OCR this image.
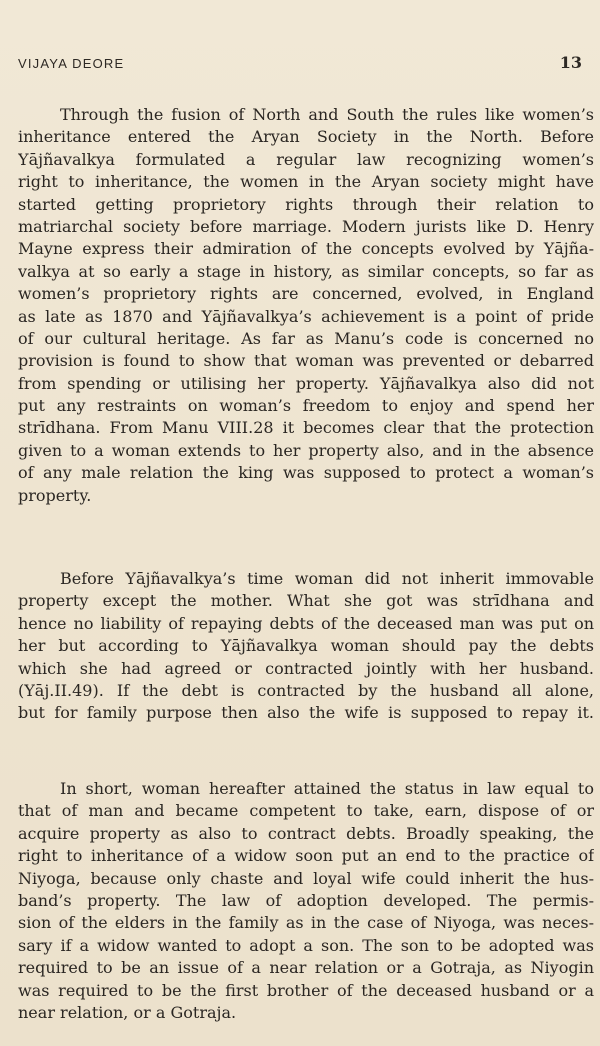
VIJAYA DEORE	13
Through the fusion of North and South the rules like women’s
inheritance entered the Aryan Society in the North. Before
Yājñavalkya formulated a regular law recognizing women’s
right to inheritance, the women in the Aryan society might have
started getting proprietory rights through their relation to
matriarchal society before marriage. Modern jurists like D. Henry
Mayne express their admiration of the concepts evolved by Yājña-
valkya at so early a stage in history, as similar concepts, so far as
women’s proprietory rights are concerned, evolved, in England
as late as 1870 and Yājñavalkya’s achievement is a point of pride
of our cultural heritage. As far as Manu’s code is concerned no
provision is found to show that woman was prevented or debarred
from spending or utilising her property. Yājñavalkya also did not
put any restraints on woman’s freedom to enjoy and spend her
strīdhana. From Manu VIII.28 it becomes clear that the protection
given to a woman extends to her property also, and in the absence
of any male relation the king was supposed to protect a woman’s
property.
Before Yājñavalkya’s time woman did not inherit immovable
property except the mother. What she got was strīdhana and
hence no liability of repaying debts of the deceased man was put on
her but according to Yājñavalkya woman should pay the debts
which she had agreed or contracted jointly with her husband.
(Yāj.II.49). If the debt is contracted by the husband all alone,
but for family purpose then also the wife is supposed to repay it.
In short, woman hereafter attained the status in law equal to
that of man and became competent to take, earn, dispose of or
acquire property as also to contract debts. Broadly speaking, the
right to inheritance of a widow soon put an end to the practice of
Niyoga, because only chaste and loyal wife could inherit the hus-
band’s property. The law of adoption developed. The permis-
sion of the elders in the family as in the case of Niyoga, was neces-
sary if a widow wanted to adopt a son. The son to be adopted was
required to be an issue of a near relation or a Gotraja, as Niyogin
was required to be the first brother of the deceased husband or a
near relation, or a Gotraja.
